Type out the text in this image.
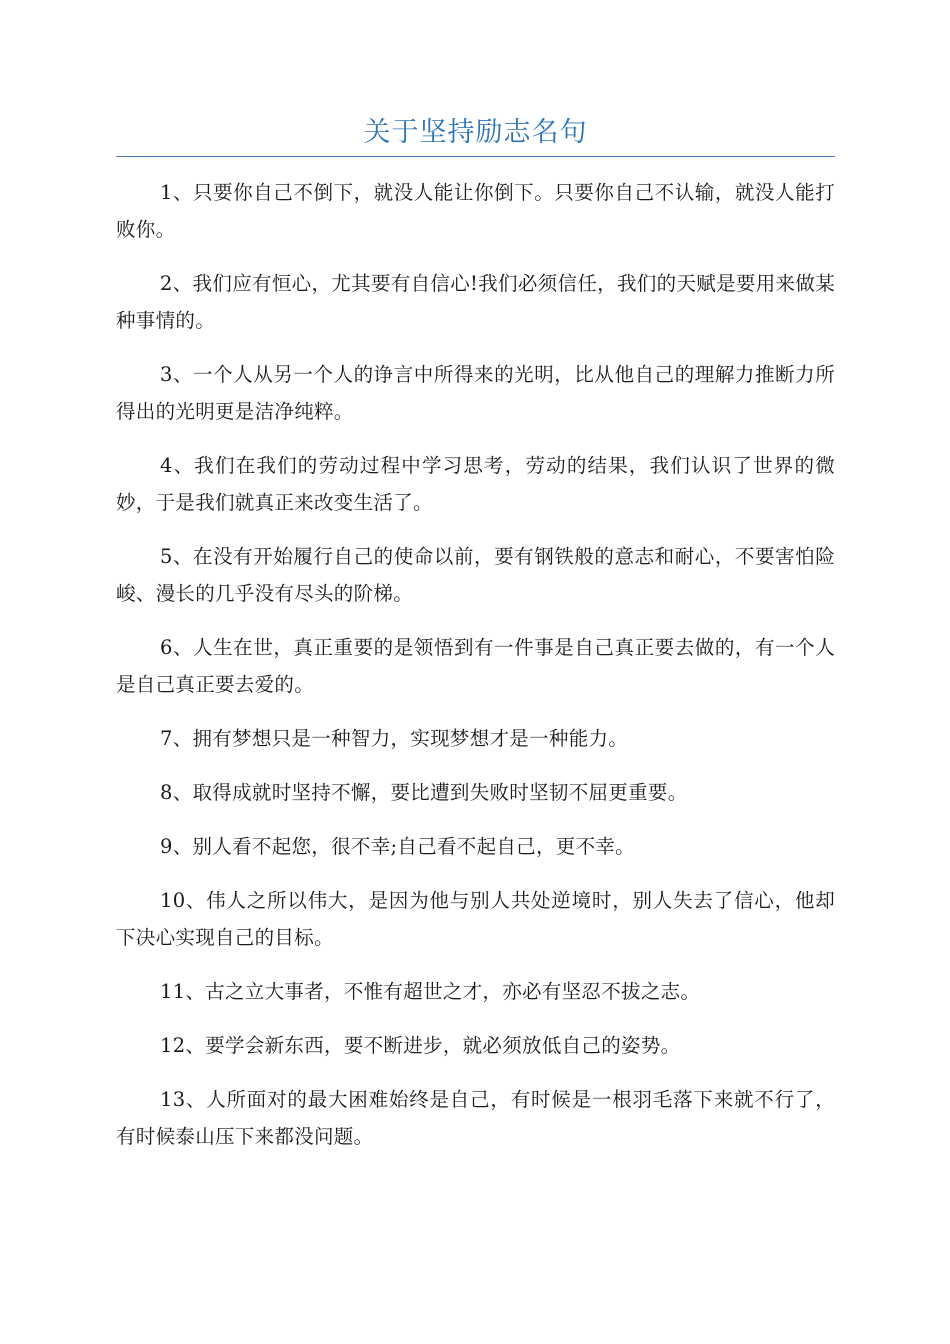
关于坚持励志名句

1、只要你自己不倒下，就没人能让你倒下。只要你自己不认输，就没人能打败你。

2、我们应有恒心，尤其要有自信心!我们必须信任，我们的天赋是要用来做某种事情的。

3、一个人从另一个人的诤言中所得来的光明，比从他自己的理解力推断力所得出的光明更是洁净纯粹。

4、我们在我们的劳动过程中学习思考，劳动的结果，我们认识了世界的微妙，于是我们就真正来改变生活了。

5、在没有开始履行自己的使命以前，要有钢铁般的意志和耐心，不要害怕险峻、漫长的几乎没有尽头的阶梯。

6、人生在世，真正重要的是领悟到有一件事是自己真正要去做的，有一个人是自己真正要去爱的。

7、拥有梦想只是一种智力，实现梦想才是一种能力。

8、取得成就时坚持不懈，要比遭到失败时坚韧不屈更重要。

9、别人看不起您，很不幸;自己看不起自己，更不幸。

10、伟人之所以伟大，是因为他与别人共处逆境时，别人失去了信心，他却下决心实现自己的目标。

11、古之立大事者，不惟有超世之才，亦必有坚忍不拔之志。

12、要学会新东西，要不断进步，就必须放低自己的姿势。

13、人所面对的最大困难始终是自己，有时候是一根羽毛落下来就不行了，有时候泰山压下来都没问题。
